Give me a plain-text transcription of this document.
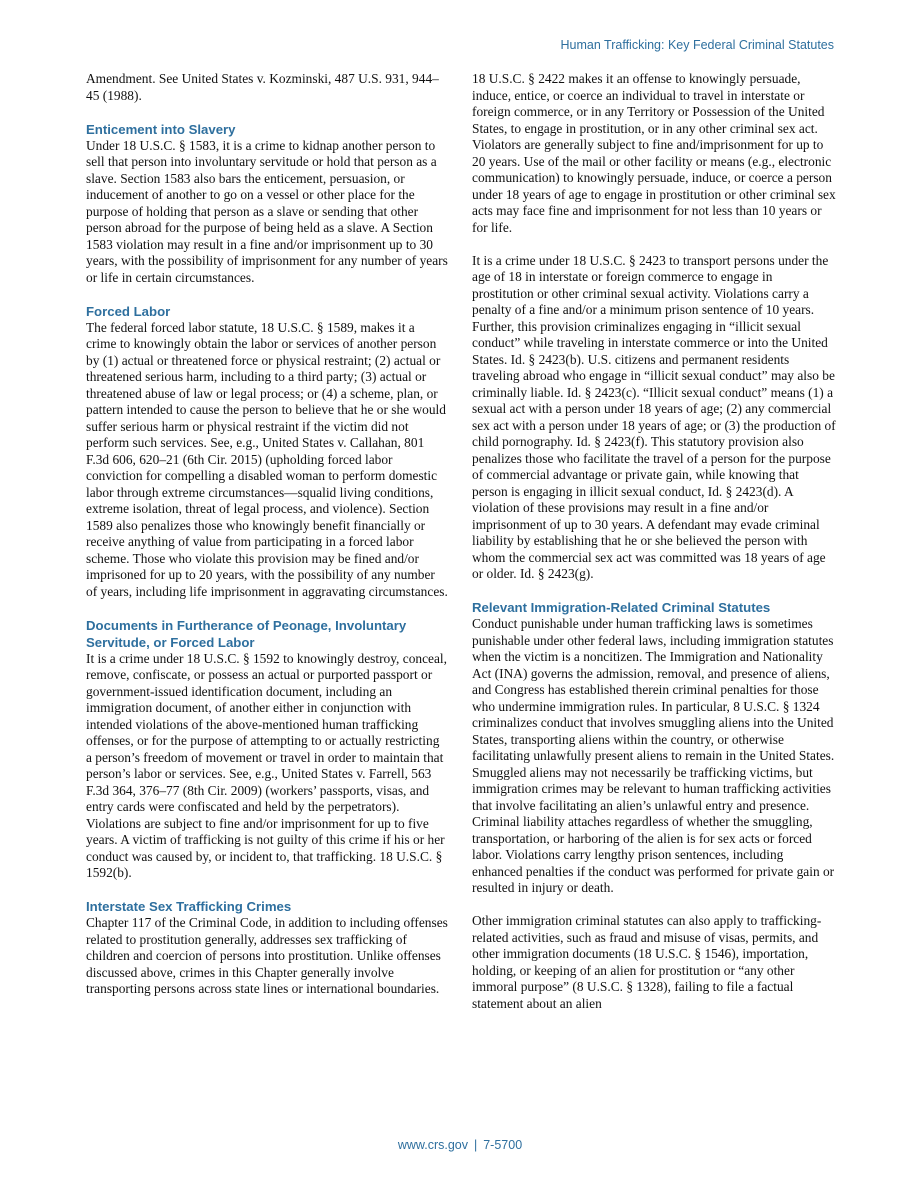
Human Trafficking: Key Federal Criminal Statutes

Amendment. See United States v. Kozminski, 487 U.S. 931, 944–45 (1988).

Enticement into Slavery

Under 18 U.S.C. § 1583, it is a crime to kidnap another person to sell that person into involuntary servitude or hold that person as a slave. Section 1583 also bars the enticement, persuasion, or inducement of another to go on a vessel or other place for the purpose of holding that person as a slave or sending that other person abroad for the purpose of being held as a slave. A Section 1583 violation may result in a fine and/or imprisonment up to 30 years, with the possibility of imprisonment for any number of years or life in certain circumstances.

Forced Labor

The federal forced labor statute, 18 U.S.C. § 1589, makes it a crime to knowingly obtain the labor or services of another person by (1) actual or threatened force or physical restraint; (2) actual or threatened serious harm, including to a third party; (3) actual or threatened abuse of law or legal process; or (4) a scheme, plan, or pattern intended to cause the person to believe that he or she would suffer serious harm or physical restraint if the victim did not perform such services. See, e.g., United States v. Callahan, 801 F.3d 606, 620–21 (6th Cir. 2015) (upholding forced labor conviction for compelling a disabled woman to perform domestic labor through extreme circumstances—squalid living conditions, extreme isolation, threat of legal process, and violence). Section 1589 also penalizes those who knowingly benefit financially or receive anything of value from participating in a forced labor scheme. Those who violate this provision may be fined and/or imprisoned for up to 20 years, with the possibility of any number of years, including life imprisonment in aggravating circumstances.

Documents in Furtherance of Peonage, Involuntary Servitude, or Forced Labor

It is a crime under 18 U.S.C. § 1592 to knowingly destroy, conceal, remove, confiscate, or possess an actual or purported passport or government-issued identification document, including an immigration document, of another either in conjunction with intended violations of the above-mentioned human trafficking offenses, or for the purpose of attempting to or actually restricting a person’s freedom of movement or travel in order to maintain that person’s labor or services. See, e.g., United States v. Farrell, 563 F.3d 364, 376–77 (8th Cir. 2009) (workers’ passports, visas, and entry cards were confiscated and held by the perpetrators). Violations are subject to fine and/or imprisonment for up to five years. A victim of trafficking is not guilty of this crime if his or her conduct was caused by, or incident to, that trafficking. 18 U.S.C. § 1592(b).

Interstate Sex Trafficking Crimes

Chapter 117 of the Criminal Code, in addition to including offenses related to prostitution generally, addresses sex trafficking of children and coercion of persons into prostitution. Unlike offenses discussed above, crimes in this Chapter generally involve transporting persons across state lines or international boundaries.

18 U.S.C. § 2422 makes it an offense to knowingly persuade, induce, entice, or coerce an individual to travel in interstate or foreign commerce, or in any Territory or Possession of the United States, to engage in prostitution, or in any other criminal sex act. Violators are generally subject to fine and/imprisonment for up to 20 years. Use of the mail or other facility or means (e.g., electronic communication) to knowingly persuade, induce, or coerce a person under 18 years of age to engage in prostitution or other criminal sex acts may face fine and imprisonment for not less than 10 years or for life.

It is a crime under 18 U.S.C. § 2423 to transport persons under the age of 18 in interstate or foreign commerce to engage in prostitution or other criminal sexual activity. Violations carry a penalty of a fine and/or a minimum prison sentence of 10 years. Further, this provision criminalizes engaging in “illicit sexual conduct” while traveling in interstate commerce or into the United States. Id. § 2423(b). U.S. citizens and permanent residents traveling abroad who engage in “illicit sexual conduct” may also be criminally liable. Id. § 2423(c). “Illicit sexual conduct” means (1) a sexual act with a person under 18 years of age; (2) any commercial sex act with a person under 18 years of age; or (3) the production of child pornography. Id. § 2423(f). This statutory provision also penalizes those who facilitate the travel of a person for the purpose of commercial advantage or private gain, while knowing that person is engaging in illicit sexual conduct, Id. § 2423(d). A violation of these provisions may result in a fine and/or imprisonment of up to 30 years. A defendant may evade criminal liability by establishing that he or she believed the person with whom the commercial sex act was committed was 18 years of age or older. Id. § 2423(g).

Relevant Immigration-Related Criminal Statutes

Conduct punishable under human trafficking laws is sometimes punishable under other federal laws, including immigration statutes when the victim is a noncitizen. The Immigration and Nationality Act (INA) governs the admission, removal, and presence of aliens, and Congress has established therein criminal penalties for those who undermine immigration rules. In particular, 8 U.S.C. § 1324 criminalizes conduct that involves smuggling aliens into the United States, transporting aliens within the country, or otherwise facilitating unlawfully present aliens to remain in the United States. Smuggled aliens may not necessarily be trafficking victims, but immigration crimes may be relevant to human trafficking activities that involve facilitating an alien’s unlawful entry and presence. Criminal liability attaches regardless of whether the smuggling, transportation, or harboring of the alien is for sex acts or forced labor. Violations carry lengthy prison sentences, including enhanced penalties if the conduct was performed for private gain or resulted in injury or death.

Other immigration criminal statutes can also apply to trafficking-related activities, such as fraud and misuse of visas, permits, and other immigration documents (18 U.S.C. § 1546), importation, holding, or keeping of an alien for prostitution or “any other immoral purpose” (8 U.S.C. § 1328), failing to file a factual statement about an alien

www.crs.gov | 7-5700
